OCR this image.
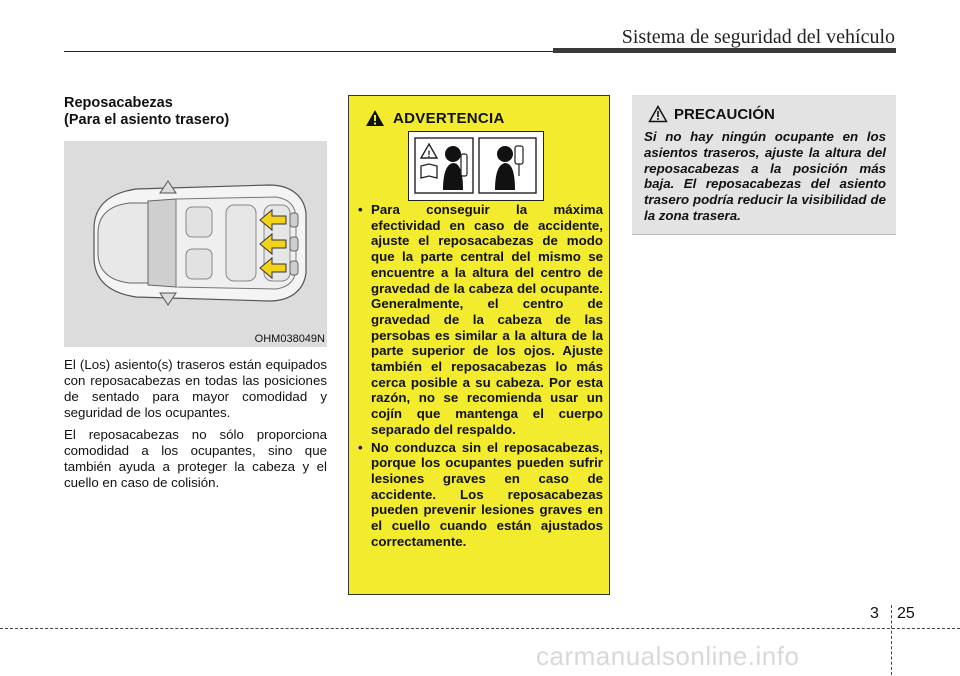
Sistema de seguridad del vehículo

Reposacabezas
(Para el asiento trasero)

OHM038049N

El (Los) asiento(s) traseros están equipados con reposacabezas en todas las posiciones de sentado para mayor comodidad y seguridad de los ocupantes.

El reposacabezas no sólo proporciona comodidad a los ocupantes, sino que también ayuda a proteger la cabeza y el cuello en caso de colisión.

ADVERTENCIA
!
• Para conseguir la máxima efectividad en caso de accidente, ajuste el reposacabezas de modo que la parte central del mismo se encuentre a la altura del centro de gravedad de la cabeza del ocupante. Generalmente, el centro de gravedad de la cabeza de las persobas es similar a la altura de la parte superior de los ojos. Ajuste también el reposacabezas lo más cerca posible a su cabeza. Por esta razón, no se recomienda usar un cojín que mantenga el cuerpo separado del respaldo.
• No conduzca sin el reposacabezas, porque los ocupantes pueden sufrir lesiones graves en caso de accidente. Los reposacabezas pueden prevenir lesiones graves en el cuello cuando están ajustados correctamente.
PRECAUCIÓN

Si no hay ningún ocupante en los asientos traseros, ajuste la altura del reposacabezas a la posición más baja. El reposacabezas del asiento trasero podría reducir la visibilidad de la zona trasera.

3 25
carmanualsonline.info
